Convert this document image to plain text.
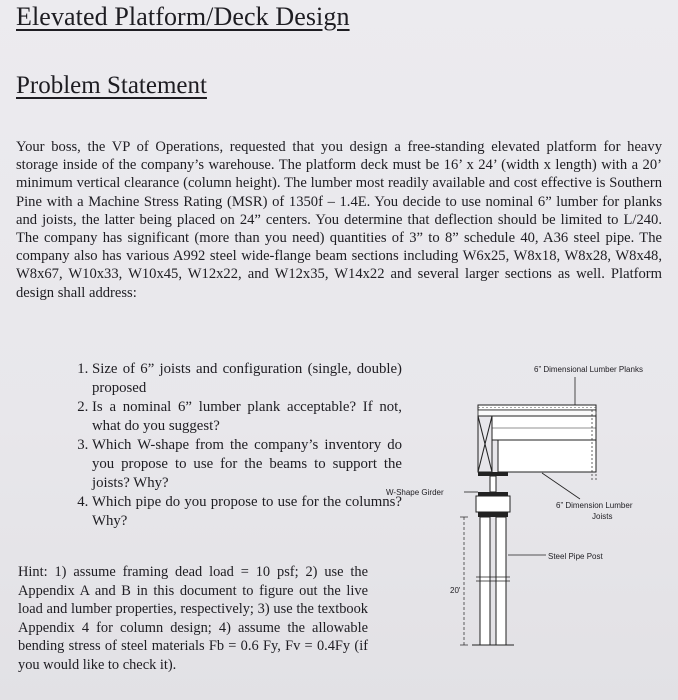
Elevated Platform/Deck Design
Problem Statement

Your boss, the VP of Operations, requested that you design a free-standing elevated platform for heavy storage inside of the company’s warehouse. The platform deck must be 16’ x 24’ (width x length) with a 20’ minimum vertical clearance (column height). The lumber most readily available and cost effective is Southern Pine with a Machine Stress Rating (MSR) of 1350f – 1.4E. You decide to use nominal 6” lumber for planks and joists, the latter being placed on 24” centers. You determine that deflection should be limited to L/240. The company has significant (more than you need) quantities of 3” to 8” schedule 40, A36 steel pipe. The company also has various A992 steel wide-flange beam sections including W6x25, W8x18, W8x28, W8x48, W8x67, W10x33, W10x45, W12x22, and W12x35, W14x22 and several larger sections as well. Platform design shall address:

1. Size of 6” joists and configuration (single, double) proposed
2. Is a nominal 6” lumber plank acceptable? If not, what do you suggest?
3. Which W-shape from the company’s inventory do you propose to use for the beams to support the joists? Why?
4. Which pipe do you propose to use for the columns? Why?

Hint: 1) assume framing dead load = 10 psf; 2) use the Appendix A and B in this document to figure out the live load and lumber properties, respectively; 3) use the textbook Appendix 4 for column design; 4) assume the allowable bending stress of steel materials Fb = 0.6 Fy, Fv = 0.4Fy (if you would like to check it).

6” Dimensional Lumber Planks
W-Shape Girder
6” Dimension Lumber
Joists
Steel Pipe Post
20'
